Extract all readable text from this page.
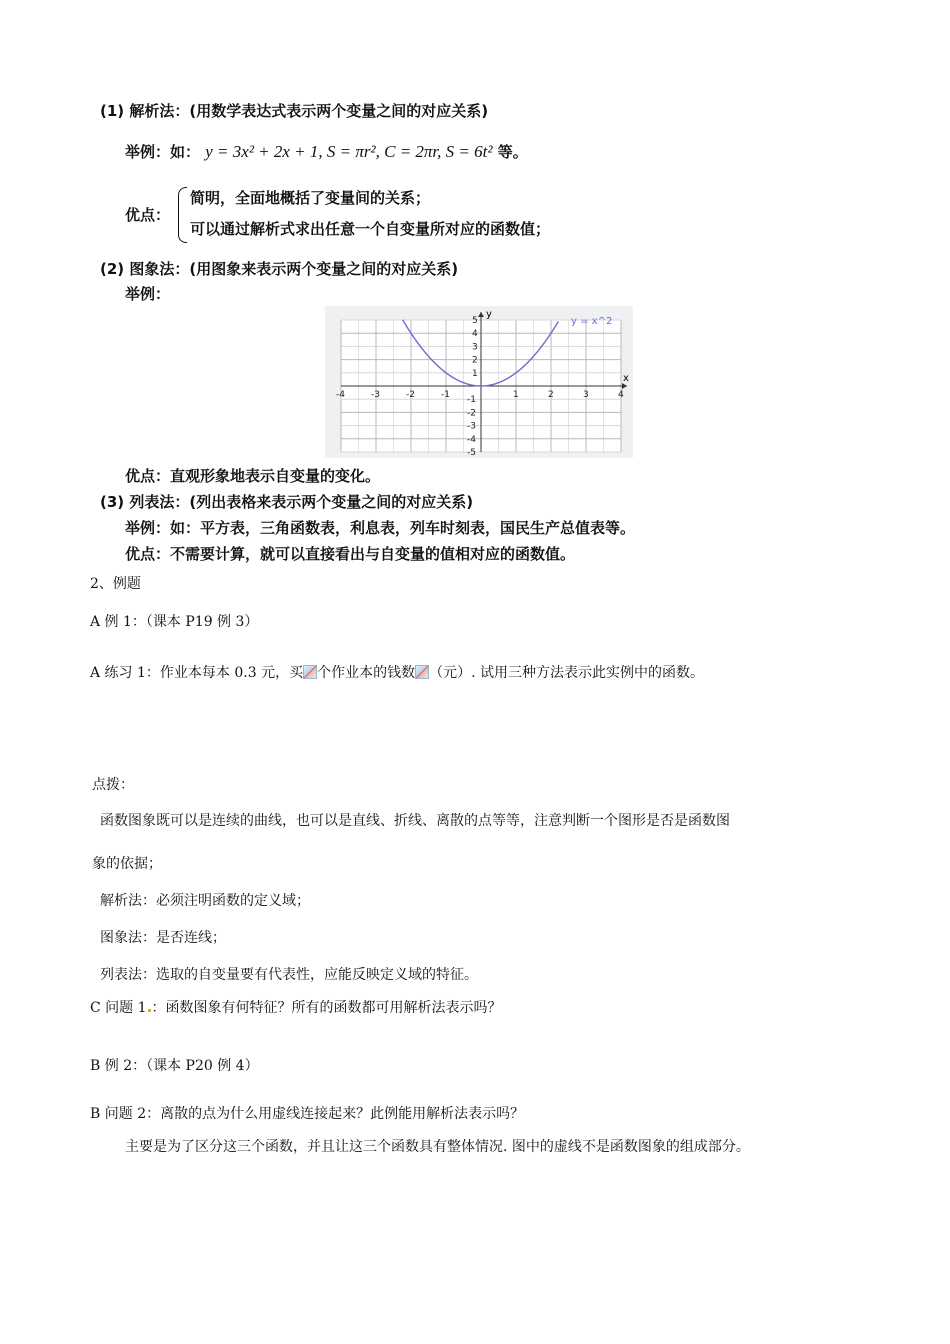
(1) 解析法：(用数学表达式表示两个变量之间的对应关系)
举例：如： y = 3x² + 2x + 1, S = πr², C = 2πr, S = 6t² 等。
优点：
简明，全面地概括了变量间的关系；
可以通过解析式求出任意一个自变量所对应的函数值；
(2) 图象法：(用图象来表示两个变量之间的对应关系)
举例：
-4	-3	-2	-1	1	2	3	4
5
4
3
2
1
-1
-2
-3
-4
-5
y = x^2
x
y
优点：直观形象地表示自变量的变化。
(3) 列表法：(列出表格来表示两个变量之间的对应关系)
举例：如：平方表，三角函数表，利息表，列车时刻表，国民生产总值表等。
优点：不需要计算，就可以直接看出与自变量的值相对应的函数值。
2、例题
A 例 1：（课本 P19 例 3）
A 练习 1：作业本每本 0.3 元，买 个作业本的钱数 （元）. 试用三种方法表示此实例中的函数。
点拨：
函数图象既可以是连续的曲线，也可以是直线、折线、离散的点等等，注意判断一个图形是否是函数图
象的依据；
解析法：必须注明函数的定义域；
图象法：是否连线；
列表法：选取的自变量要有代表性，应能反映定义域的特征。
C 问题 1 ：函数图象有何特征？所有的函数都可用解析法表示吗？
B 例 2：（课本 P20 例 4）
B 问题 2：离散的点为什么用虚线连接起来？此例能用解析法表示吗？
主要是为了区分这三个函数，并且让这三个函数具有整体情况. 图中的虚线不是函数图象的组成部分。
